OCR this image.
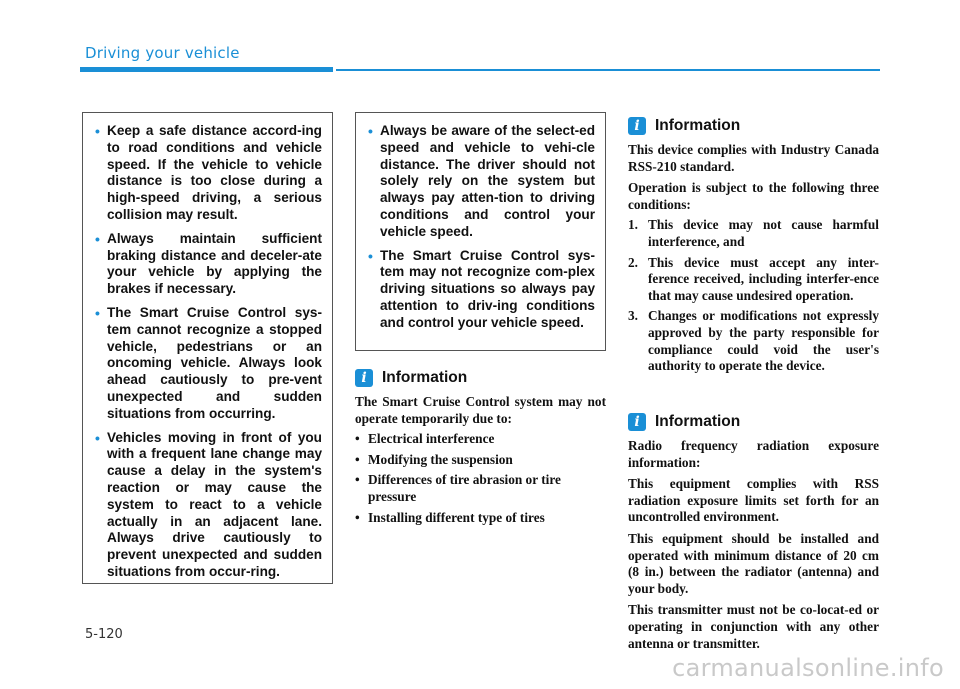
Driving your vehicle
• Keep a safe distance accord-ing to road conditions and vehicle speed. If the vehicle to vehicle distance is too close during a high-speed driving, a serious collision may result.
• Always maintain sufficient braking distance and deceler-ate your vehicle by applying the brakes if necessary.
• The Smart Cruise Control sys-tem cannot recognize a stopped vehicle, pedestrians or an oncoming vehicle. Always look ahead cautiously to pre-vent unexpected and sudden situations from occurring.
• Vehicles moving in front of you with a frequent lane change may cause a delay in the system's reaction or may cause the system to react to a vehicle actually in an adjacent lane. Always drive cautiously to prevent unexpected and sudden situations from occur-ring.
• Always be aware of the select-ed speed and vehicle to vehi-cle distance. The driver should not solely rely on the system but always pay atten-tion to driving conditions and control your vehicle speed.
• The Smart Cruise Control sys-tem may not recognize com-plex driving situations so always pay attention to driv-ing conditions and control your vehicle speed.
i Information

The Smart Cruise Control system may not operate temporarily due to:

• Electrical interference
• Modifying the suspension
• Differences of tire abrasion or tire pressure
• Installing different type of tires
i Information

This device complies with Industry Canada RSS-210 standard.

Operation is subject to the following three conditions:

1. This device may not cause harmful interference, and
2. This device must accept any inter-ference received, including interfer-ence that may cause undesired operation.
3. Changes or modifications not expressly approved by the party responsible for compliance could void the user's authority to operate the device.
i Information

Radio frequency radiation exposure information:

This equipment complies with RSS radiation exposure limits set forth for an uncontrolled environment.

This equipment should be installed and operated with minimum distance of 20 cm (8 in.) between the radiator (antenna) and your body.

This transmitter must not be co-locat-ed or operating in conjunction with any other antenna or transmitter.

5-120
carmanualsonline.info
